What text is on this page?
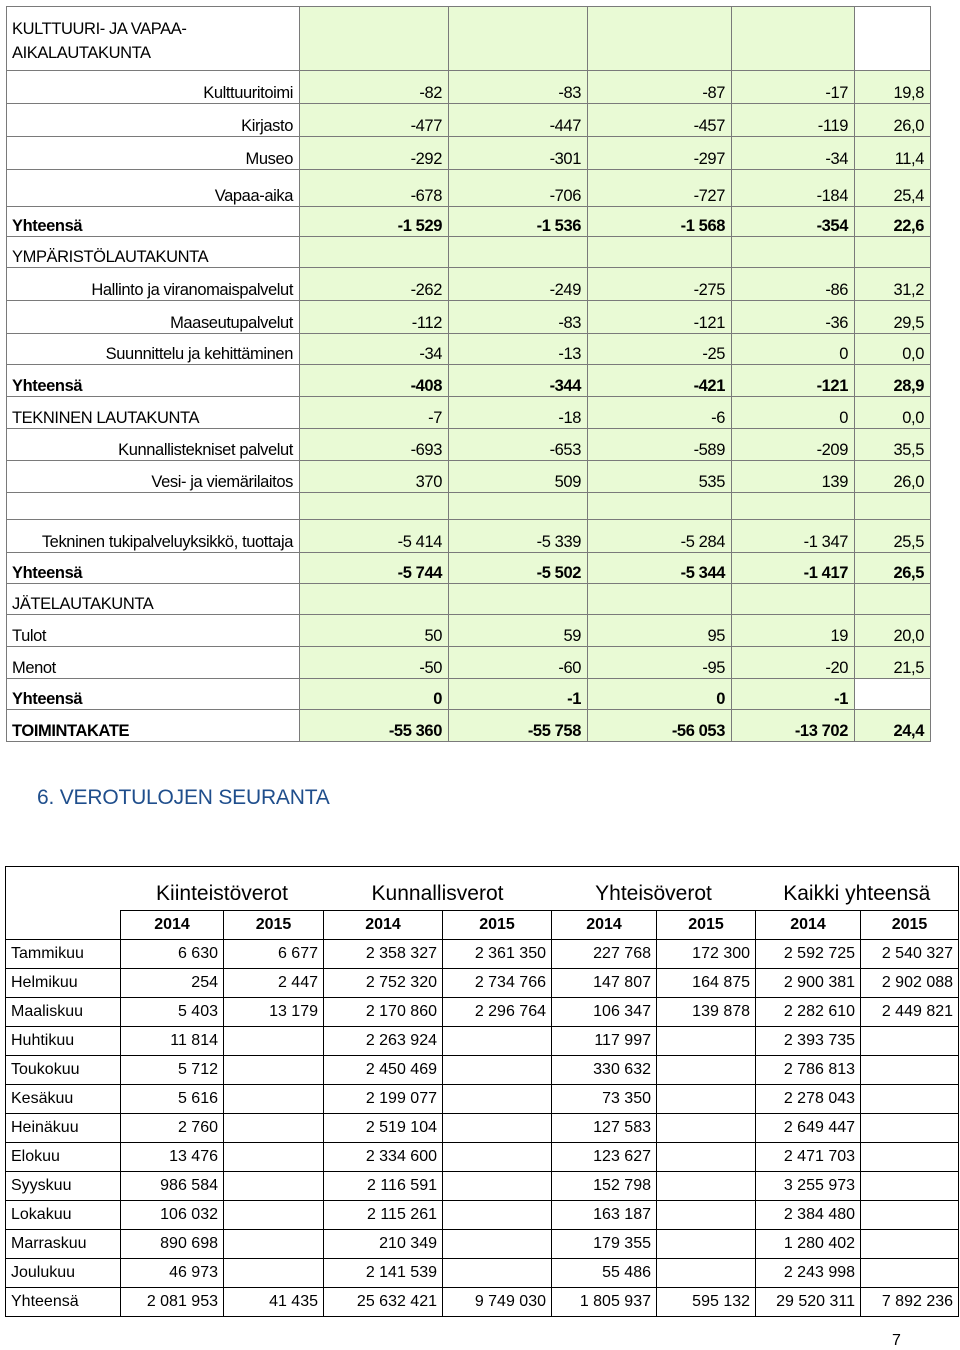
KULTTUURI- JA VAPAA-AIKALAUTAKUNTA					
Kulttuuritoimi	-82	-83	-87	-17	19,8
Kirjasto	-477	-447	-457	-119	26,0
Museo	-292	-301	-297	-34	11,4
Vapaa-aika	-678	-706	-727	-184	25,4
Yhteensä	-1 529	-1 536	-1 568	-354	22,6
YMPÄRISTÖLAUTAKUNTA					
Hallinto ja viranomaispalvelut	-262	-249	-275	-86	31,2
Maaseutupalvelut	-112	-83	-121	-36	29,5
Suunnittelu ja kehittäminen	-34	-13	-25	0	0,0
Yhteensä	-408	-344	-421	-121	28,9
TEKNINEN LAUTAKUNTA	-7	-18	-6	0	0,0
Kunnallistekniset palvelut	-693	-653	-589	-209	35,5
Vesi- ja viemärilaitos	370	509	535	139	26,0

Tekninen tukipalveluyksikkö, tuottaja	-5 414	-5 339	-5 284	-1 347	25,5
Yhteensä	-5 744	-5 502	-5 344	-1 417	26,5
JÄTELAUTAKUNTA					
Tulot	50	59	95	19	20,0
Menot	-50	-60	-95	-20	21,5
Yhteensä	0	-1	0	-1	
TOIMINTAKATE	-55 360	-55 758	-56 053	-13 702	24,4
6. VEROTULOJEN SEURANTA
	Kiinteistöverot		Kunnallisverot		Yhteisöverot		Kaikki yhteensä	
	2014	2015	2014	2015	2014	2015	2014	2015
Tammikuu	6 630	6 677	2 358 327	2 361 350	227 768	172 300	2 592 725	2 540 327
Helmikuu	254	2 447	2 752 320	2 734 766	147 807	164 875	2 900 381	2 902 088
Maaliskuu	5 403	13 179	2 170 860	2 296 764	106 347	139 878	2 282 610	2 449 821
Huhtikuu	11 814		2 263 924		117 997		2 393 735	
Toukokuu	5 712		2 450 469		330 632		2 786 813	
Kesäkuu	5 616		2 199 077		73 350		2 278 043	
Heinäkuu	2 760		2 519 104		127 583		2 649 447	
Elokuu	13 476		2 334 600		123 627		2 471 703	
Syyskuu	986 584		2 116 591		152 798		3 255 973	
Lokakuu	106 032		2 115 261		163 187		2 384 480	
Marraskuu	890 698		210 349		179 355		1 280 402	
Joulukuu	46 973		2 141 539		55 486		2 243 998	
Yhteensä	2 081 953	41 435	25 632 421	9 749 030	1 805 937	595 132	29 520 311	7 892 236
7
